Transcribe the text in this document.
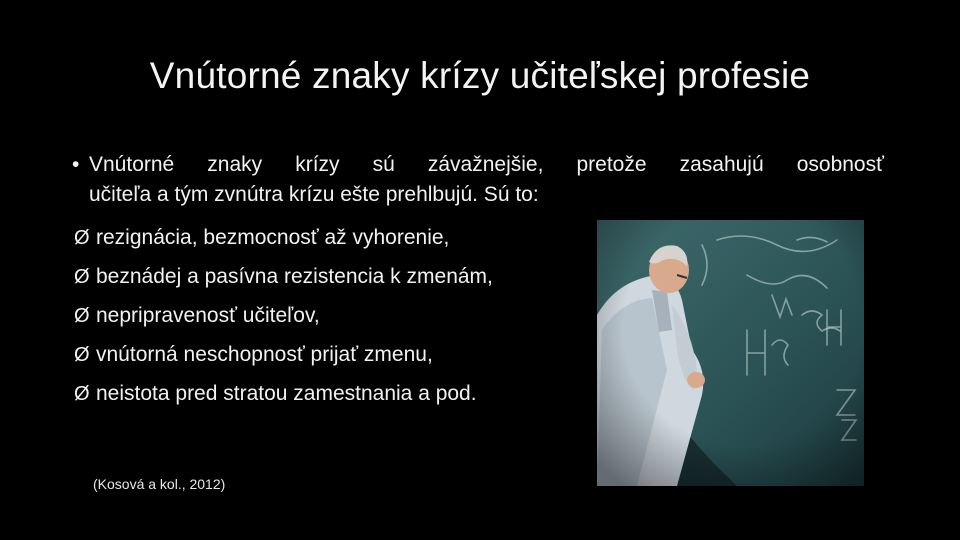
Vnútorné znaky krízy učiteľskej profesie
• Vnútorné znaky krízy sú závažnejšie, pretože zasahujú osobnosť
učiteľa a tým zvnútra krízu ešte prehlbujú. Sú to:
Ø rezignácia, bezmocnosť až vyhorenie,
Ø beznádej a pasívna rezistencia k zmenám,
Ø nepripravenosť učiteľov,
Ø vnútorná neschopnosť prijať zmenu,
Ø neistota pred stratou zamestnania a pod.
(Kosová a kol., 2012)
